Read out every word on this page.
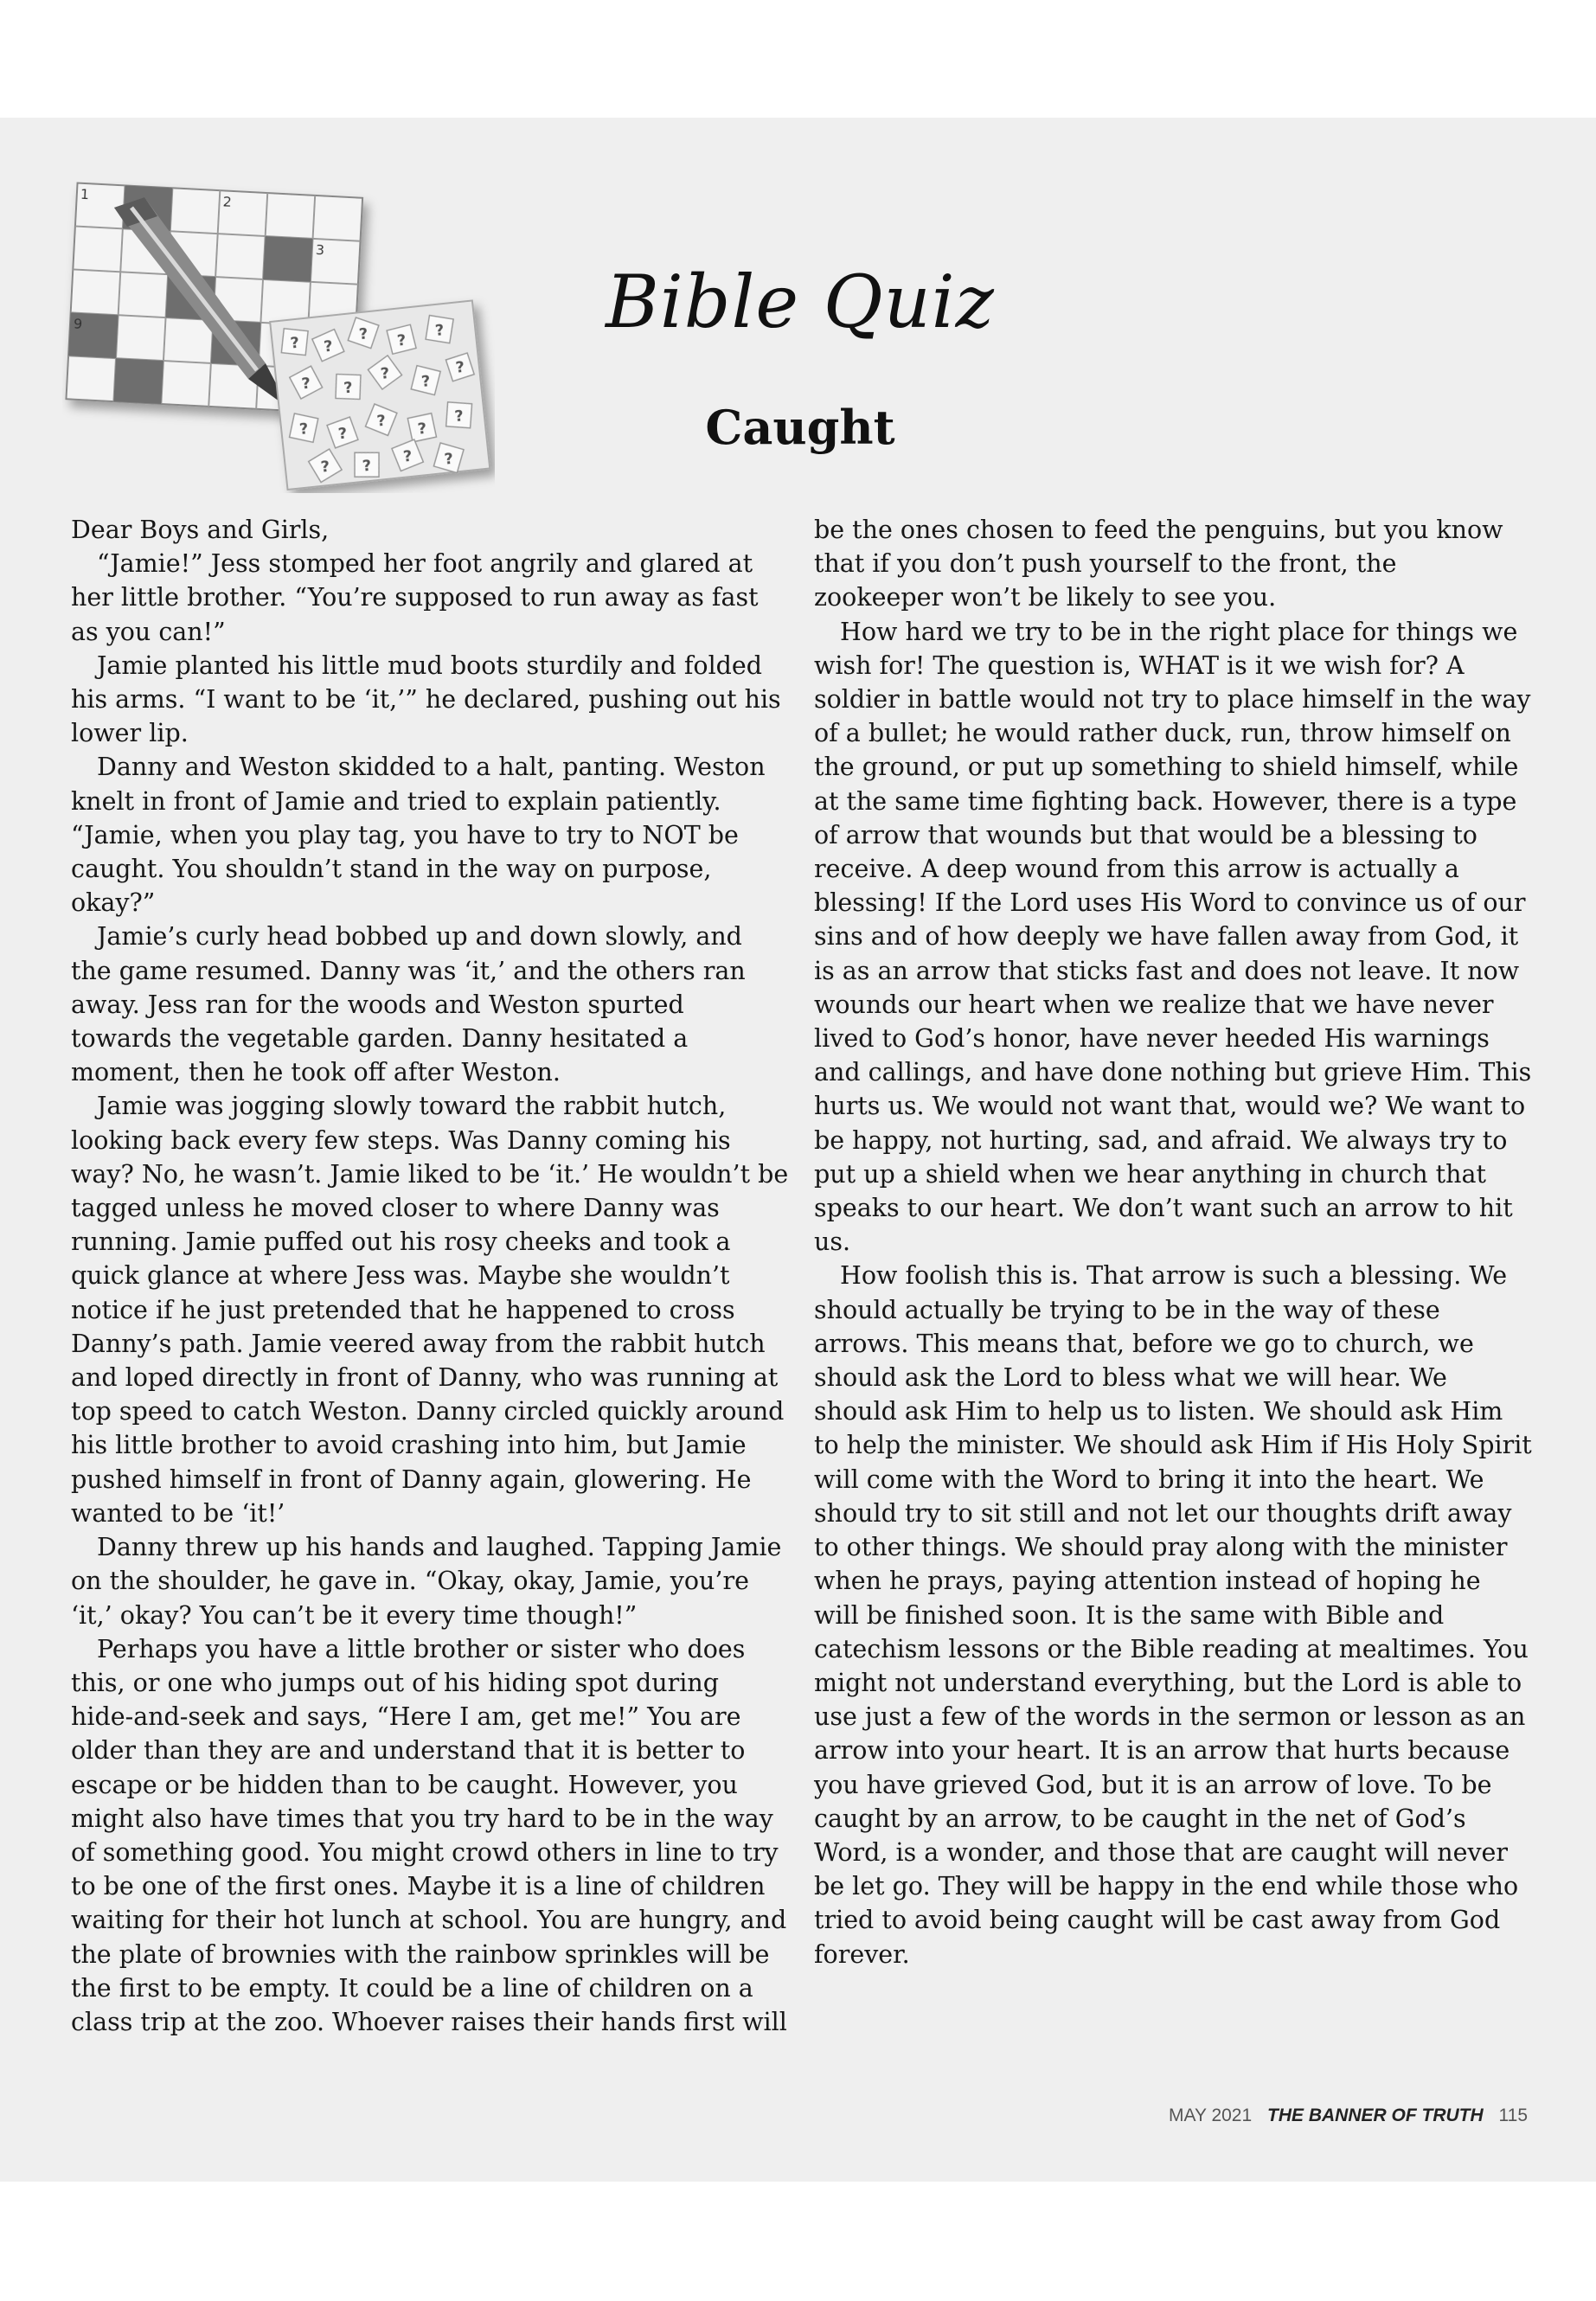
1	2
3
9
? ?
? ?
?
? ?
? ?
?
? ?
? ?
?
? ? ? ?
Bible Quiz
Caught

Dear Boys and Girls,

“Jamie!” Jess stomped her foot angrily and glared at her little brother. “You’re supposed to run away as fast as you can!”

Jamie planted his little mud boots sturdily and folded his arms. “I want to be ‘it,’” he declared, pushing out his lower lip.

Danny and Weston skidded to a halt, panting. Weston knelt in front of Jamie and tried to explain patiently. “Jamie, when you play tag, you have to try to NOT be caught. You shouldn’t stand in the way on purpose, okay?”

Jamie’s curly head bobbed up and down slowly, and the game resumed. Danny was ‘it,’ and the others ran away. Jess ran for the woods and Weston spurted towards the vegetable garden. Danny hesitated a moment, then he took off after Weston.

Jamie was jogging slowly toward the rabbit hutch, looking back every few steps. Was Danny coming his way? No, he wasn’t. Jamie liked to be ‘it.’ He wouldn’t be tagged unless he moved closer to where Danny was running. Jamie puffed out his rosy cheeks and took a quick glance at where Jess was. Maybe she wouldn’t notice if he just pretended that he happened to cross Danny’s path. Jamie veered away from the rabbit hutch and loped directly in front of Danny, who was running at top speed to catch Weston. Danny circled quickly around his little brother to avoid crashing into him, but Jamie pushed himself in front of Danny again, glowering. He wanted to be ‘it!’

Danny threw up his hands and laughed. Tapping Jamie on the shoulder, he gave in. “Okay, okay, Jamie, you’re ‘it,’ okay? You can’t be it every time though!”

Perhaps you have a little brother or sister who does this, or one who jumps out of his hiding spot during hide-and-seek and says, “Here I am, get me!” You are older than they are and understand that it is better to escape or be hidden than to be caught. However, you might also have times that you try hard to be in the way of something good. You might crowd others in line to try to be one of the first ones. Maybe it is a line of children waiting for their hot lunch at school. You are hungry, and the plate of brownies with the rainbow sprinkles will be the first to be empty. It could be a line of children on a class trip at the zoo. Whoever raises their hands first will

be the ones chosen to feed the penguins, but you know that if you don’t push yourself to the front, the zookeeper won’t be likely to see you.

How hard we try to be in the right place for things we wish for! The question is, WHAT is it we wish for? A soldier in battle would not try to place himself in the way of a bullet; he would rather duck, run, throw himself on the ground, or put up something to shield himself, while at the same time fighting back. However, there is a type of arrow that wounds but that would be a blessing to receive. A deep wound from this arrow is actually a blessing! If the Lord uses His Word to convince us of our sins and of how deeply we have fallen away from God, it is as an arrow that sticks fast and does not leave. It now wounds our heart when we realize that we have never lived to God’s honor, have never heeded His warnings and callings, and have done nothing but grieve Him. This hurts us. We would not want that, would we? We want to be happy, not hurting, sad, and afraid. We always try to put up a shield when we hear anything in church that speaks to our heart. We don’t want such an arrow to hit us.

How foolish this is. That arrow is such a blessing. We should actually be trying to be in the way of these arrows. This means that, before we go to church, we should ask the Lord to bless what we will hear. We should ask Him to help us to listen. We should ask Him to help the minister. We should ask Him if His Holy Spirit will come with the Word to bring it into the heart. We should try to sit still and not let our thoughts drift away to other things. We should pray along with the minister when he prays, paying attention instead of hoping he will be finished soon. It is the same with Bible and catechism lessons or the Bible reading at mealtimes. You might not understand everything, but the Lord is able to use just a few of the words in the sermon or lesson as an arrow into your heart. It is an arrow that hurts because you have grieved God, but it is an arrow of love. To be caught by an arrow, to be caught in the net of God’s Word, is a wonder, and those that are caught will never be let go. They will be happy in the end while those who tried to avoid being caught will be cast away from God forever.

MAY 2021 THE BANNER OF TRUTH 115
